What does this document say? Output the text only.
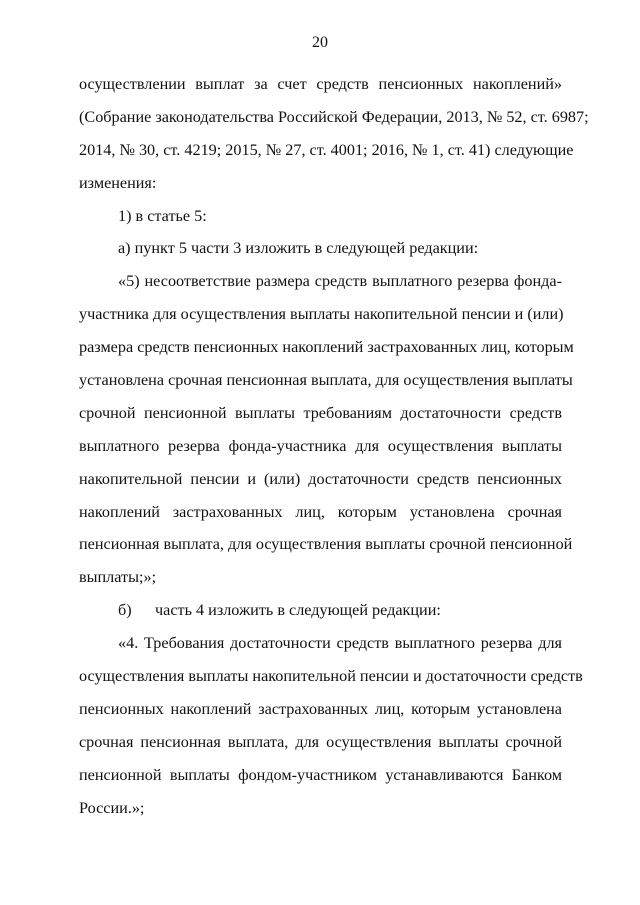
20
осуществлении выплат за счет средств пенсионных накоплений»
(Собрание законодательства Российской Федерации, 2013, № 52, ст. 6987;
2014, № 30, ст. 4219; 2015, № 27, ст. 4001; 2016, № 1, ст. 41) следующие
изменения:
1) в статье 5:
а) пункт 5 части 3 изложить в следующей редакции:
«5) несоответствие размера средств выплатного резерва фонда-
участника для осуществления выплаты накопительной пенсии и (или)
размера средств пенсионных накоплений застрахованных лиц, которым
установлена срочная пенсионная выплата, для осуществления выплаты
срочной пенсионной выплаты требованиям достаточности средств
выплатного резерва фонда-участника для осуществления выплаты
накопительной пенсии и (или) достаточности средств пенсионных
накоплений застрахованных лиц, которым установлена срочная
пенсионная выплата, для осуществления выплаты срочной пенсионной
выплаты;»;
б) часть 4 изложить в следующей редакции:
«4. Требования достаточности средств выплатного резерва для
осуществления выплаты накопительной пенсии и достаточности средств
пенсионных накоплений застрахованных лиц, которым установлена
срочная пенсионная выплата, для осуществления выплаты срочной
пенсионной выплаты фондом-участником устанавливаются Банком
России.»;
